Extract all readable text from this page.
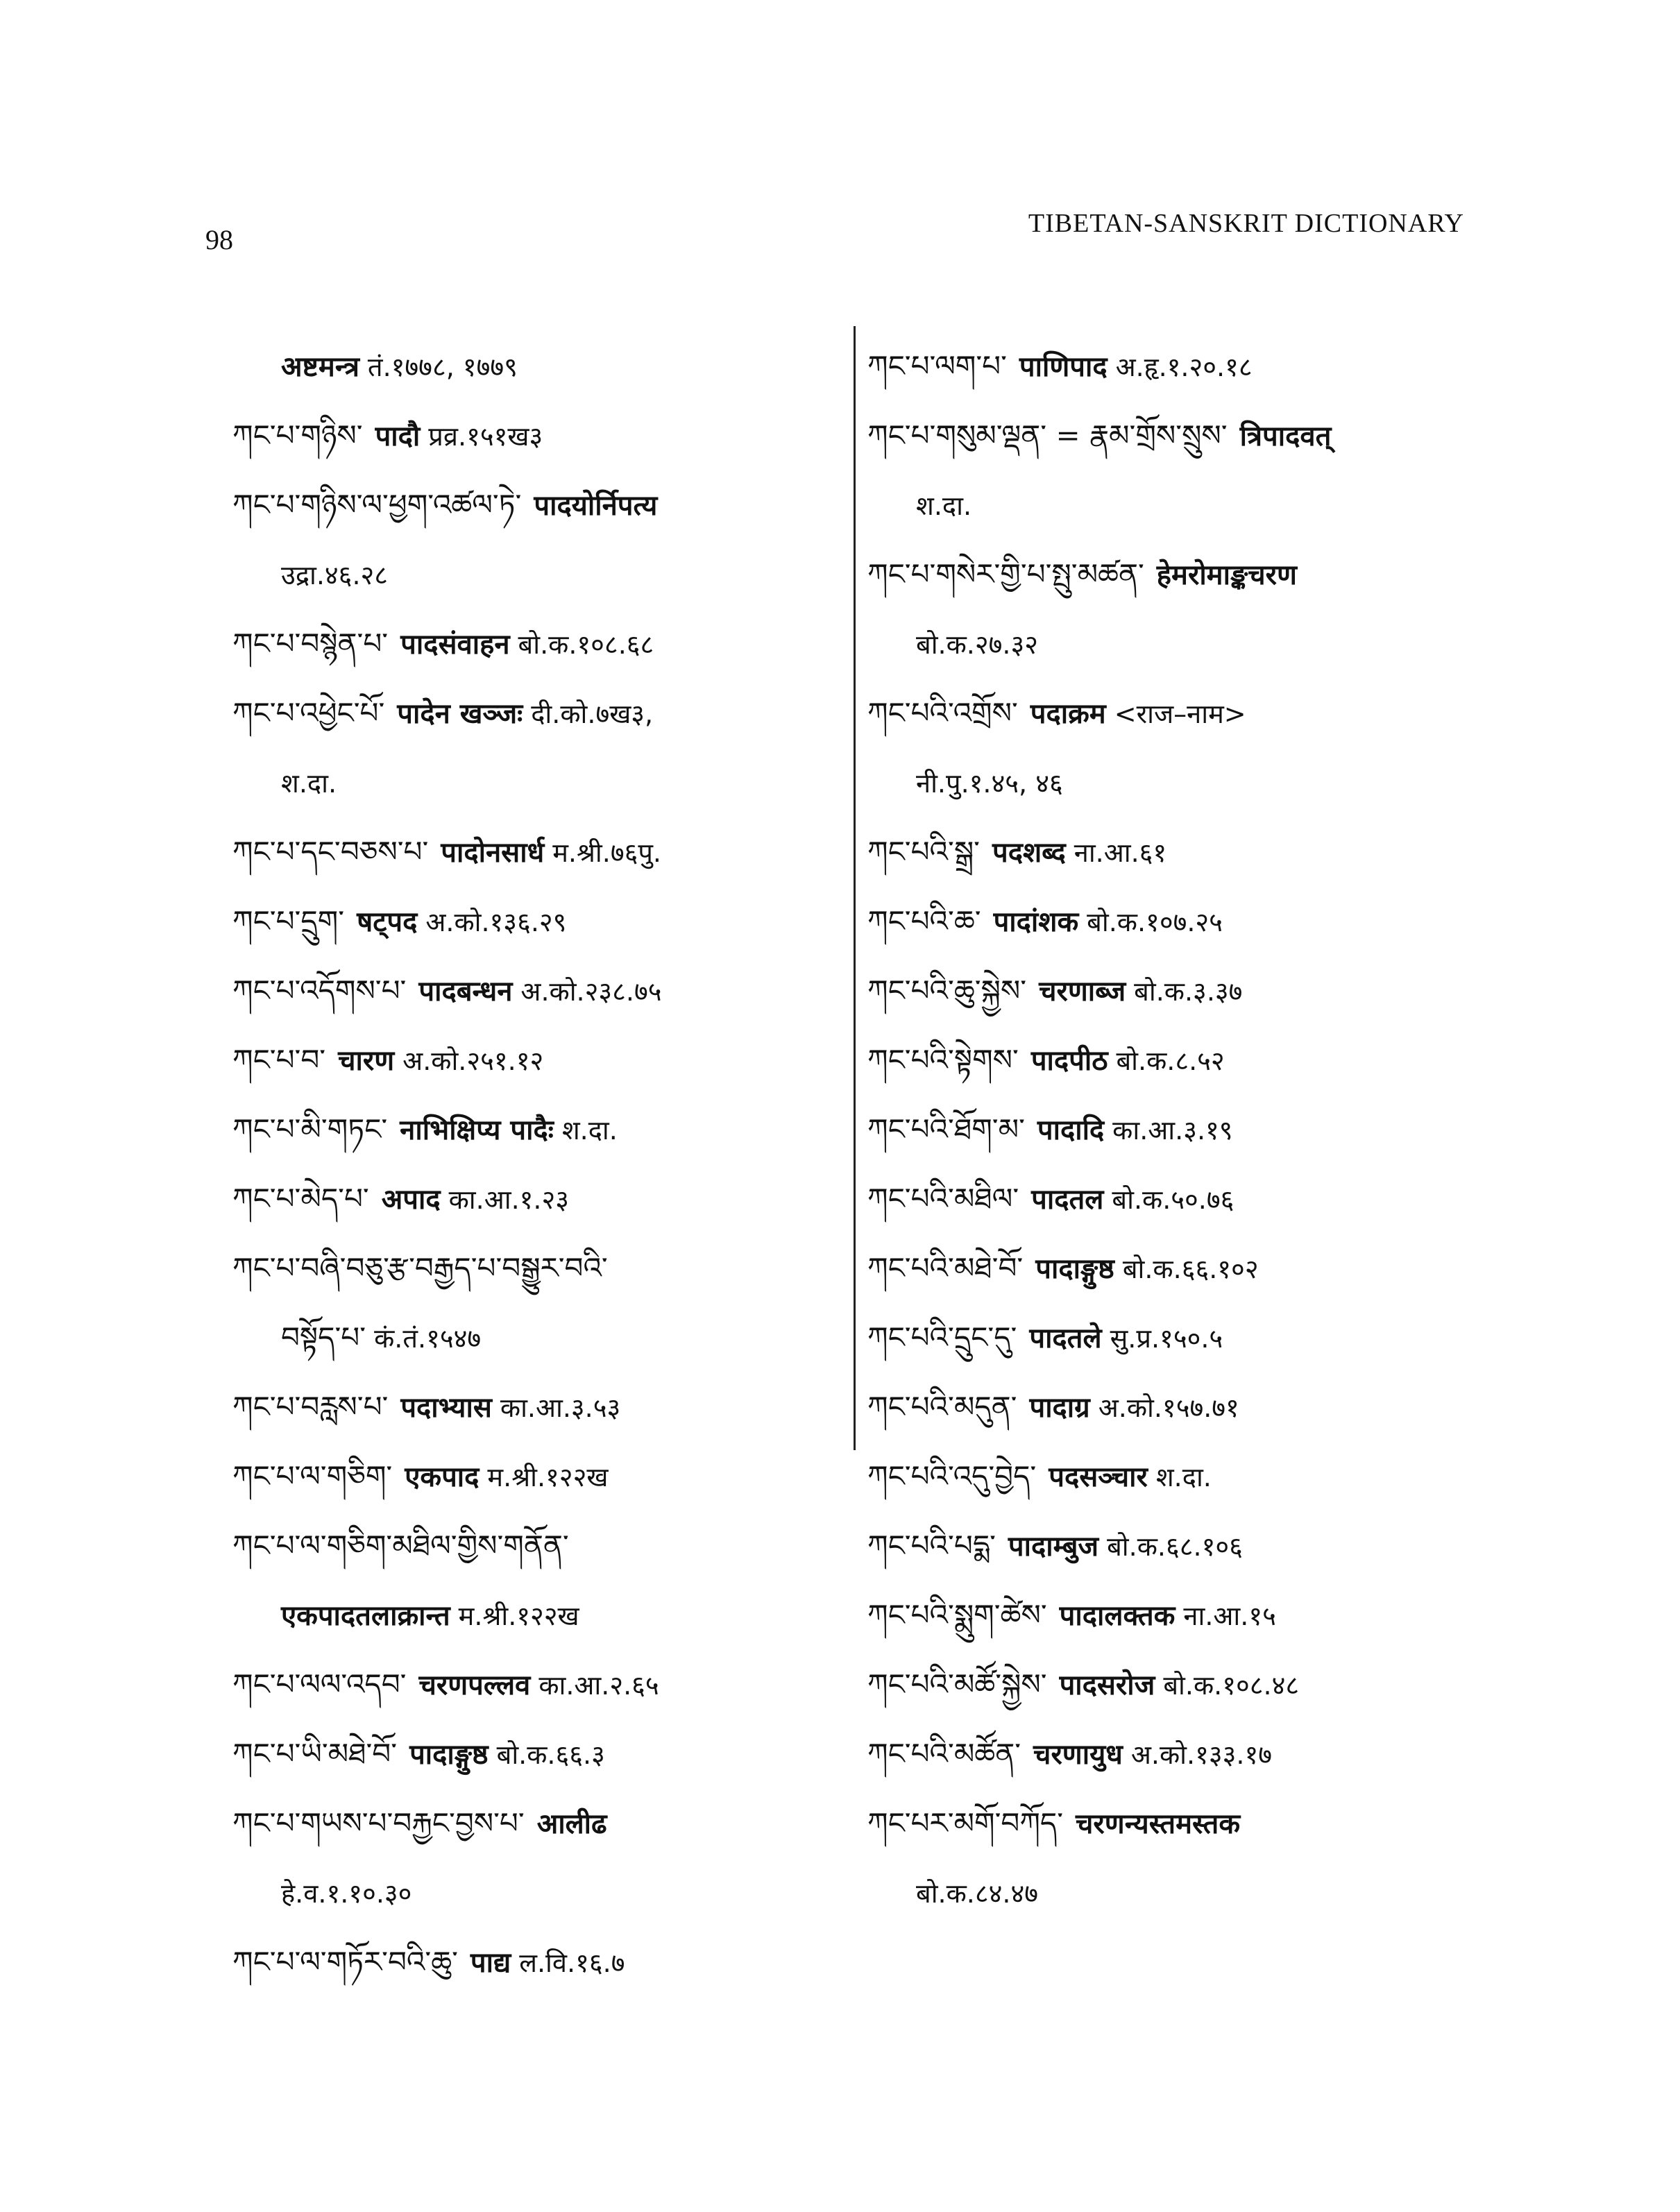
98
TIBETAN-SANSKRIT DICTIONARY
अष्टमन्त्र तं.१७७८, १७७९
ཀང་པ་གཉིས་ पादौ प्रव्र.१५१ख३
ཀང་པ་གཉིས་ལ་ཕྱག་འཚལ་ཏེ་ पादयोर्निपत्य
उद्रा.४६.२८
ཀང་པ་བསྙེན་པ་ पादसंवाहन बो.क.१०८.६८
ཀང་པ་འཕྱེང་པོ་ पादेन खञ्जः दी.को.७ख३,
श.दा.
ཀང་པ་དང་བཅས་པ་ पादोनसार्ध म.श्री.७६पु.
ཀང་པ་དྲུག་ षट्पद अ.को.१३६.२९
ཀང་པ་འདོགས་པ་ पादबन्धन अ.को.२३८.७५
ཀང་པ་བ་ चारण अ.को.२५१.१२
ཀང་པ་མི་གཏང་ नाभिक्षिप्य पादैः श.दा.
ཀང་པ་མེད་པ་ अपाद का.आ.१.२३
ཀང་པ་བཞི་བཅུ་རྩ་བརྒྱད་པ་བསྒྱུར་བའི་
བསྟོད་པ་ कं.तं.१५४७
ཀང་པ་བརླས་པ་ पदाभ्यास का.आ.३.५३
ཀང་པ་ལ་གཅིག་ एकपाद म.श्री.१२२ख
ཀང་པ་ལ་གཅིག་མཐིལ་གྱིས་གནོན་
एकपादतलाक्रान्त म.श्री.१२२ख
ཀང་པ་ལལ་འདབ་ चरणपल्लव का.आ.२.६५
ཀང་པ་ཡི་མཐེ་བོ་ पादाङ्गुष्ठ बो.क.६६.३
ཀང་པ་གཡས་པ་བརྐྱང་བྱས་པ་ आलीढ
हे.व.१.१०.३०
ཀང་པ་ལ་གཏོར་བའི་ཆུ་ पाद्य ल.वि.१६.७
ཀང་པ་ལག་པ་ पाणिपाद अ.हृ.१.२०.१८
ཀང་པ་གསུམ་ལྡན་ = རྣམ་གྲོས་སྲུས་ त्रिपादवत्
श.दा.
ཀང་པ་གསེར་གྱི་པ་སྤུ་མཚན་ हेमरोमाङ्कचरण
बो.क.२७.३२
ཀང་པའི་འགྲོས་ पदाक्रम <राज–नाम>
नी.पु.१.४५, ४६
ཀང་པའི་སྒྲ་ पदशब्द ना.आ.६१
ཀང་པའི་ཆ་ पादांशक बो.क.१०७.२५
ཀང་པའི་ཆུ་སྐྱེས་ चरणाब्ज बो.क.३.३७
ཀང་པའི་སྟེགས་ पादपीठ बो.क.८.५२
ཀང་པའི་ཐོག་མ་ पादादि का.आ.३.१९
ཀང་པའི་མཐིལ་ पादतल बो.क.५०.७६
ཀང་པའི་མཐེ་བོ་ पादाङ्गुष्ठ बो.क.६६.१०२
ཀང་པའི་དྲུང་དུ་ पादतले सु.प्र.१५०.५
ཀང་པའི་མདུན་ पादाग्र अ.को.१५७.७१
ཀང་པའི་འདུ་བྱེད་ पदसञ्चार श.दा.
ཀང་པའི་པདྨ་ पादाम्बुज बो.क.६८.१०६
ཀང་པའི་སྨུག་ཚེས་ पादालक्तक ना.आ.१५
ཀང་པའི་མཚོ་སྐྱེས་ पादसरोज बो.क.१०८.४८
ཀང་པའི་མཚོན་ चरणायुध अ.को.१३३.१७
ཀང་པར་མགོ་བཀོད་ चरणन्यस्तमस्तक
बो.क.८४.४७
